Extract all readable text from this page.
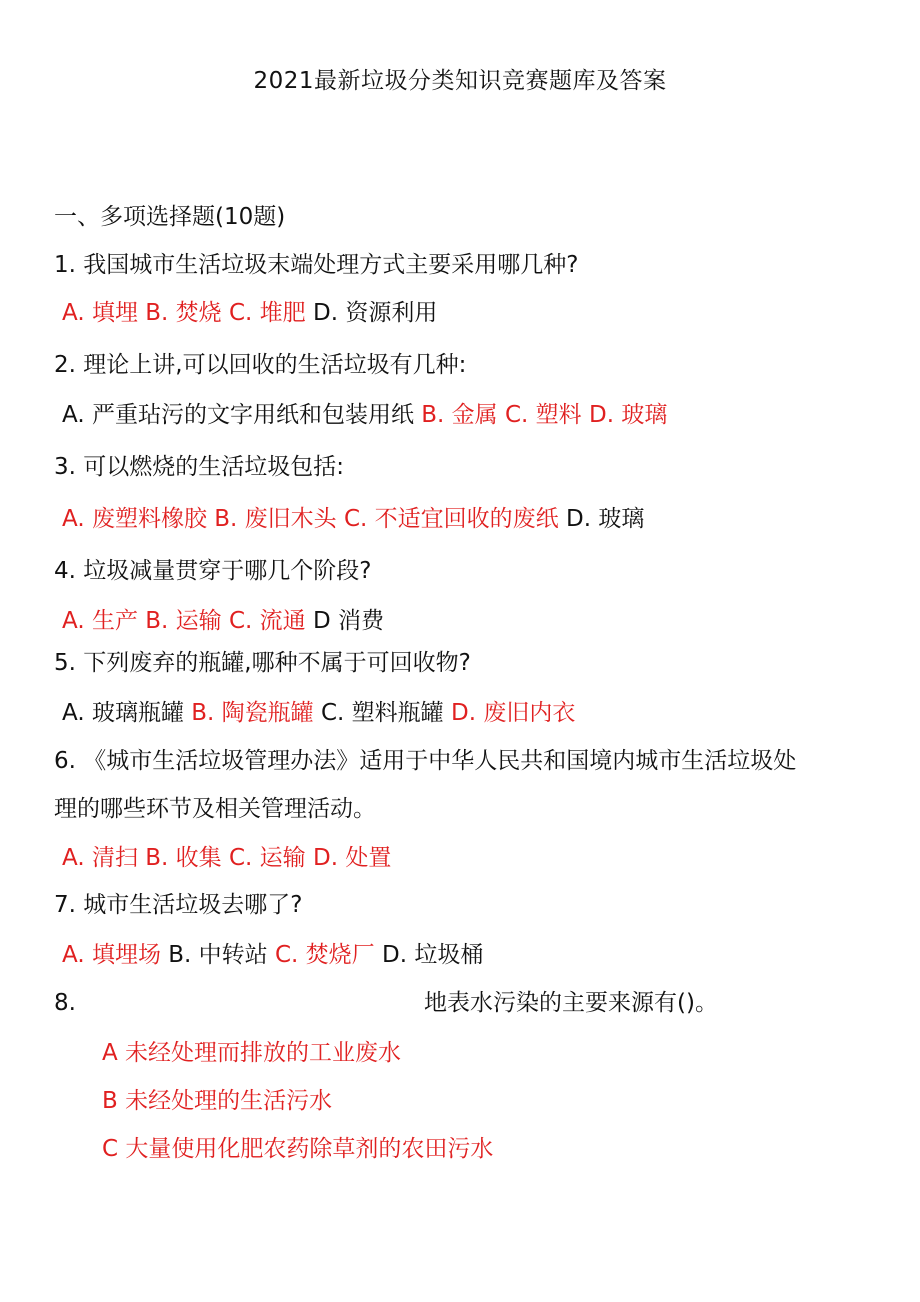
2021最新垃圾分类知识竞赛题库及答案
一、多项选择题(10题)
1. 我国城市生活垃圾末端处理方式主要采用哪几种?
A. 填埋 B. 焚烧 C. 堆肥 D. 资源利用
2. 理论上讲,可以回收的生活垃圾有几种:
A. 严重玷污的文字用纸和包装用纸 B. 金属 C. 塑料 D. 玻璃
3. 可以燃烧的生活垃圾包括:
A. 废塑料橡胶 B. 废旧木头 C. 不适宜回收的废纸 D. 玻璃
4. 垃圾减量贯穿于哪几个阶段?
A. 生产 B. 运输 C. 流通 D 消费
5. 下列废弃的瓶罐,哪种不属于可回收物?
A. 玻璃瓶罐 B. 陶瓷瓶罐 C. 塑料瓶罐 D. 废旧内衣
6. 《城市生活垃圾管理办法》适用于中华人民共和国境内城市生活垃圾处
理的哪些环节及相关管理活动。
A. 清扫 B. 收集 C. 运输 D. 处置
7. 城市生活垃圾去哪了?
A. 填埋场 B. 中转站 C. 焚烧厂 D. 垃圾桶
8.	地表水污染的主要来源有()。
A 未经处理而排放的工业废水
B 未经处理的生活污水
C 大量使用化肥农药除草剂的农田污水
